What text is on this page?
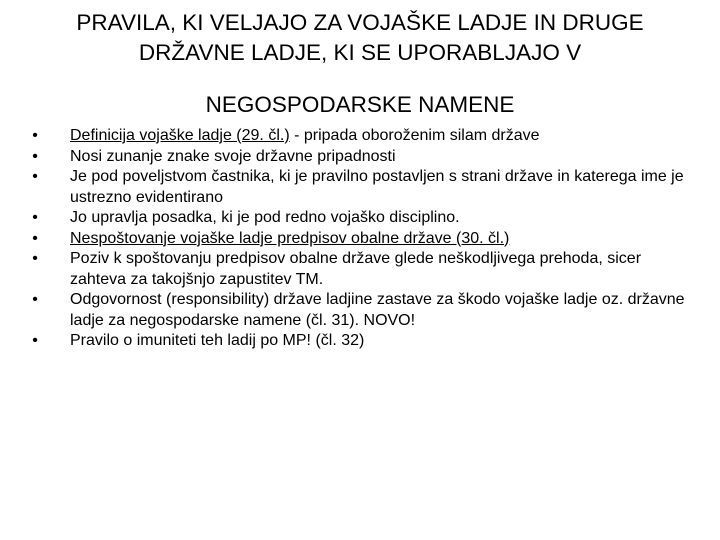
PRAVILA, KI VELJAJO ZA VOJAŠKE LADJE IN DRUGE
DRŽAVNE LADJE, KI SE UPORABLJAJO V
NEGOSPODARSKE NAMENE
• Definicija vojaške ladje (29. čl.) - pripada oboroženim silam države
• Nosi zunanje znake svoje državne pripadnosti
• Je pod poveljstvom častnika, ki je pravilno postavljen s strani države in katerega ime je ustrezno evidentirano
• Jo upravlja posadka, ki je pod redno vojaško disciplino.
• Nespoštovanje vojaške ladje predpisov obalne države (30. čl.)
• Poziv k spoštovanju predpisov obalne države glede neškodljivega prehoda, sicer zahteva za takojšnjo zapustitev TM.
• Odgovornost (responsibility) države ladjine zastave za škodo vojaške ladje oz. državne ladje za negospodarske namene (čl. 31). NOVO!
• Pravilo o imuniteti teh ladij po MP! (čl. 32)
